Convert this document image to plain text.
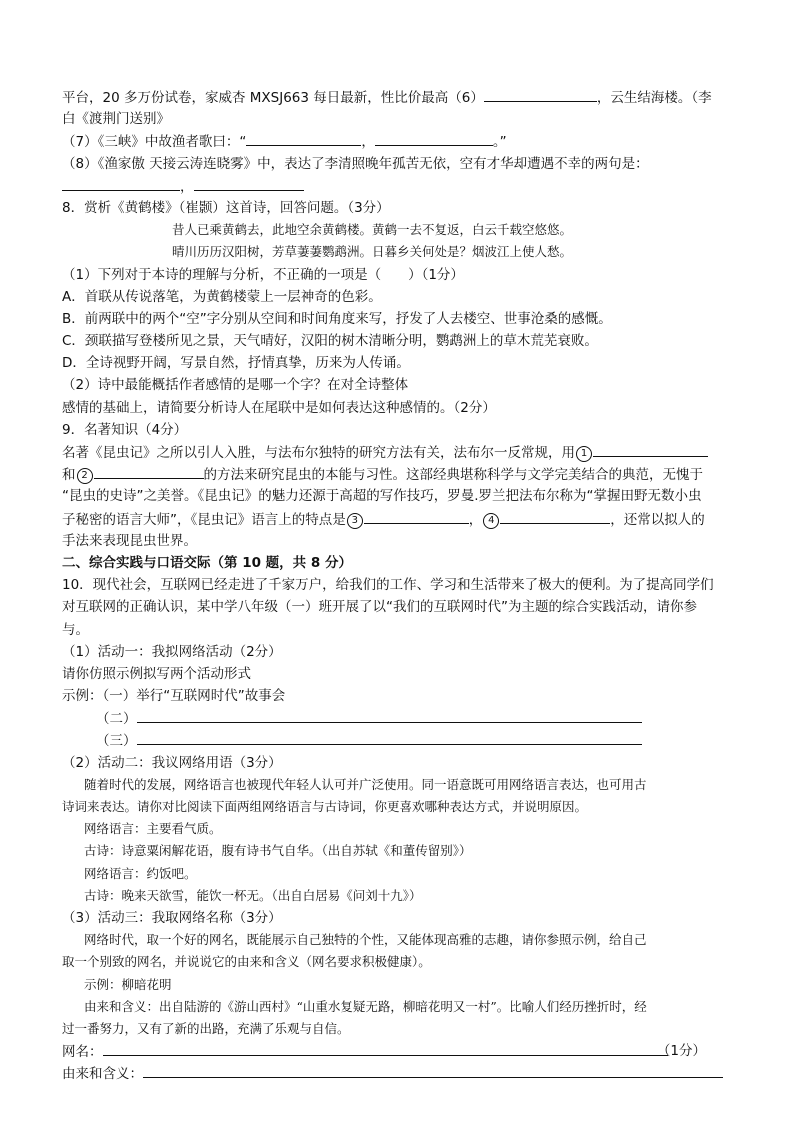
平台，20 多万份试卷，家威杏 MXSJ663 每日最新，性比价最高（6）	，云生结海楼。（李
白《渡荆门送别》
（7）《三峡》中故渔者歌曰：“	，	。”
（8）《渔家傲 天接云涛连晓雾》中，表达了李清照晚年孤苦无依，空有才华却遭遇不幸的两句是：
，
8．赏析《黄鹤楼》（崔颢）这首诗，回答问题。（3分）
昔人已乘黄鹤去，此地空余黄鹤楼。黄鹤一去不复返，白云千载空悠悠。
晴川历历汉阳树，芳草萋萋鹦鹉洲。日暮乡关何处是？烟波江上使人愁。
（1）下列对于本诗的理解与分析，不正确的一项是（　　）（1分）
A．首联从传说落笔，为黄鹤楼蒙上一层神奇的色彩。
B．前两联中的两个“空”字分别从空间和时间角度来写，抒发了人去楼空、世事沧桑的感慨。
C．颈联描写登楼所见之景，天气晴好，汉阳的树木清晰分明，鹦鹉洲上的草木荒芜衰败。
D．全诗视野开阔，写景自然，抒情真挚，历来为人传诵。
（2）诗中最能概括作者感情的是哪一个字？在对全诗整体
感情的基础上，请简要分析诗人在尾联中是如何表达这种感情的。（2分）
9．名著知识（4分）
名著《昆虫记》之所以引人入胜，与法布尔独特的研究方法有关，法布尔一反常规，用 1
和 2	的方法来研究昆虫的本能与习性。这部经典堪称科学与文学完美结合的典范，无愧于
“昆虫的史诗”之美誉。《昆虫记》的魅力还源于高超的写作技巧，罗曼.罗兰把法布尔称为“掌握田野无数小虫
子秘密的语言大师”，《昆虫记》语言上的特点是 3	， 4	，还常以拟人的
手法来表现昆虫世界。
二、综合实践与口语交际（第 10 题，共 8 分）
10．现代社会，互联网已经走进了千家万户，给我们的工作、学习和生活带来了极大的便利。为了提高同学们
对互联网的正确认识，某中学八年级（一）班开展了以“我们的互联网时代”为主题的综合实践活动，请你参
与。
（1）活动一：我拟网络活动（2分）
请你仿照示例拟写两个活动形式
示例：（一）举行“互联网时代”故事会
（二）
（三）
（2）活动二：我议网络用语（3分）
随着时代的发展，网络语言也被现代年轻人认可并广泛使用。同一语意既可用网络语言表达，也可用古
诗词来表达。请你对比阅读下面两组网络语言与古诗词，你更喜欢哪种表达方式，并说明原因。
网络语言：主要看气质。
古诗：诗意粟闲解花语，腹有诗书气自华。（出自苏轼《和董传留别》）
网络语言：约饭吧。
古诗：晚来天欲雪，能饮一杯无。（出自白居易《问刘十九》）
（3）活动三：我取网络名称（3分）
网络时代，取一个好的网名，既能展示自己独特的个性，又能体现高雅的志趣，请你参照示例，给自己
取一个别致的网名，并说说它的由来和含义（网名要求积极健康）。
示例：柳暗花明
由来和含义：出自陆游的《游山西村》“山重水复疑无路，柳暗花明又一村”。比喻人们经历挫折时，经
过一番努力，又有了新的出路，充满了乐观与自信。
网名：	（1分）
由来和含义：
